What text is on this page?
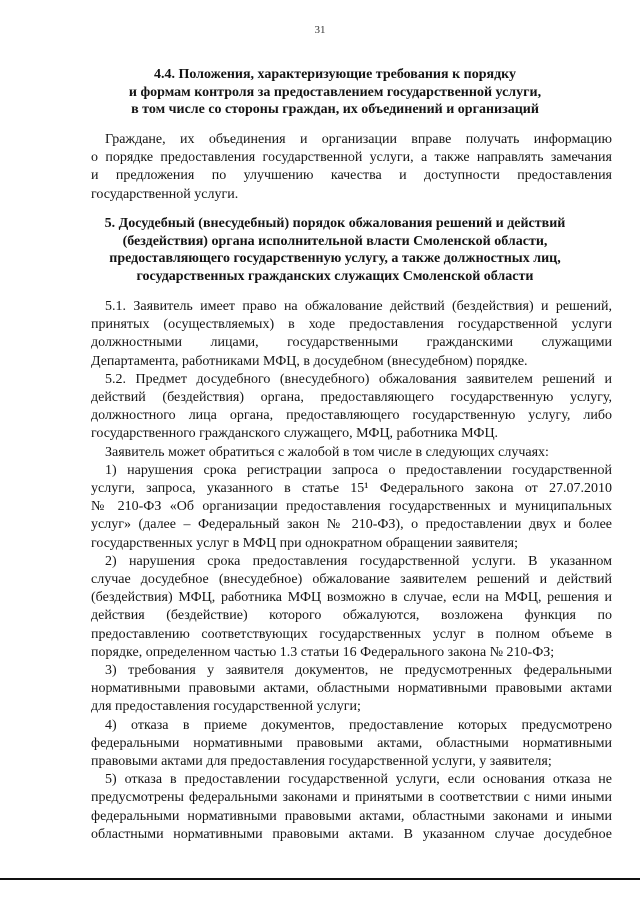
31
4.4. Положения, характеризующие требования к порядку
и формам контроля за предоставлением государственной услуги,
в том числе со стороны граждан, их объединений и организаций
Граждане, их объединения и организации вправе получать информацию
о порядке предоставления государственной услуги, а также направлять замечания
и предложения по улучшению качества и доступности предоставления
государственной услуги.
5. Досудебный (внесудебный) порядок обжалования решений и действий
(бездействия) органа исполнительной власти Смоленской области,
предоставляющего государственную услугу, а также должностных лиц,
государственных гражданских служащих Смоленской области
5.1. Заявитель имеет право на обжалование действий (бездействия) и решений,
принятых (осуществляемых) в ходе предоставления государственной услуги
должностными лицами, государственными гражданскими служащими
Департамента, работниками МФЦ, в досудебном (внесудебном) порядке.
5.2. Предмет досудебного (внесудебного) обжалования заявителем решений и
действий (бездействия) органа, предоставляющего государственную услугу,
должностного лица органа, предоставляющего государственную услугу, либо
государственного гражданского служащего, МФЦ, работника МФЦ.
Заявитель может обратиться с жалобой в том числе в следующих случаях:
1) нарушения срока регистрации запроса о предоставлении государственной
услуги, запроса, указанного в статье 15¹ Федерального закона от 27.07.2010
№ 210-ФЗ «Об организации предоставления государственных и муниципальных
услуг» (далее – Федеральный закон № 210-ФЗ), о предоставлении двух и более
государственных услуг в МФЦ при однократном обращении заявителя;
2) нарушения срока предоставления государственной услуги. В указанном
случае досудебное (внесудебное) обжалование заявителем решений и действий
(бездействия) МФЦ, работника МФЦ возможно в случае, если на МФЦ, решения и
действия (бездействие) которого обжалуются, возложена функция по
предоставлению соответствующих государственных услуг в полном объеме в
порядке, определенном частью 1.3 статьи 16 Федерального закона № 210-ФЗ;
3) требования у заявителя документов, не предусмотренных федеральными
нормативными правовыми актами, областными нормативными правовыми актами
для предоставления государственной услуги;
4) отказа в приеме документов, предоставление которых предусмотрено
федеральными нормативными правовыми актами, областными нормативными
правовыми актами для предоставления государственной услуги, у заявителя;
5) отказа в предоставлении государственной услуги, если основания отказа не
предусмотрены федеральными законами и принятыми в соответствии с ними иными
федеральными нормативными правовыми актами, областными законами и иными
областными нормативными правовыми актами. В указанном случае досудебное
